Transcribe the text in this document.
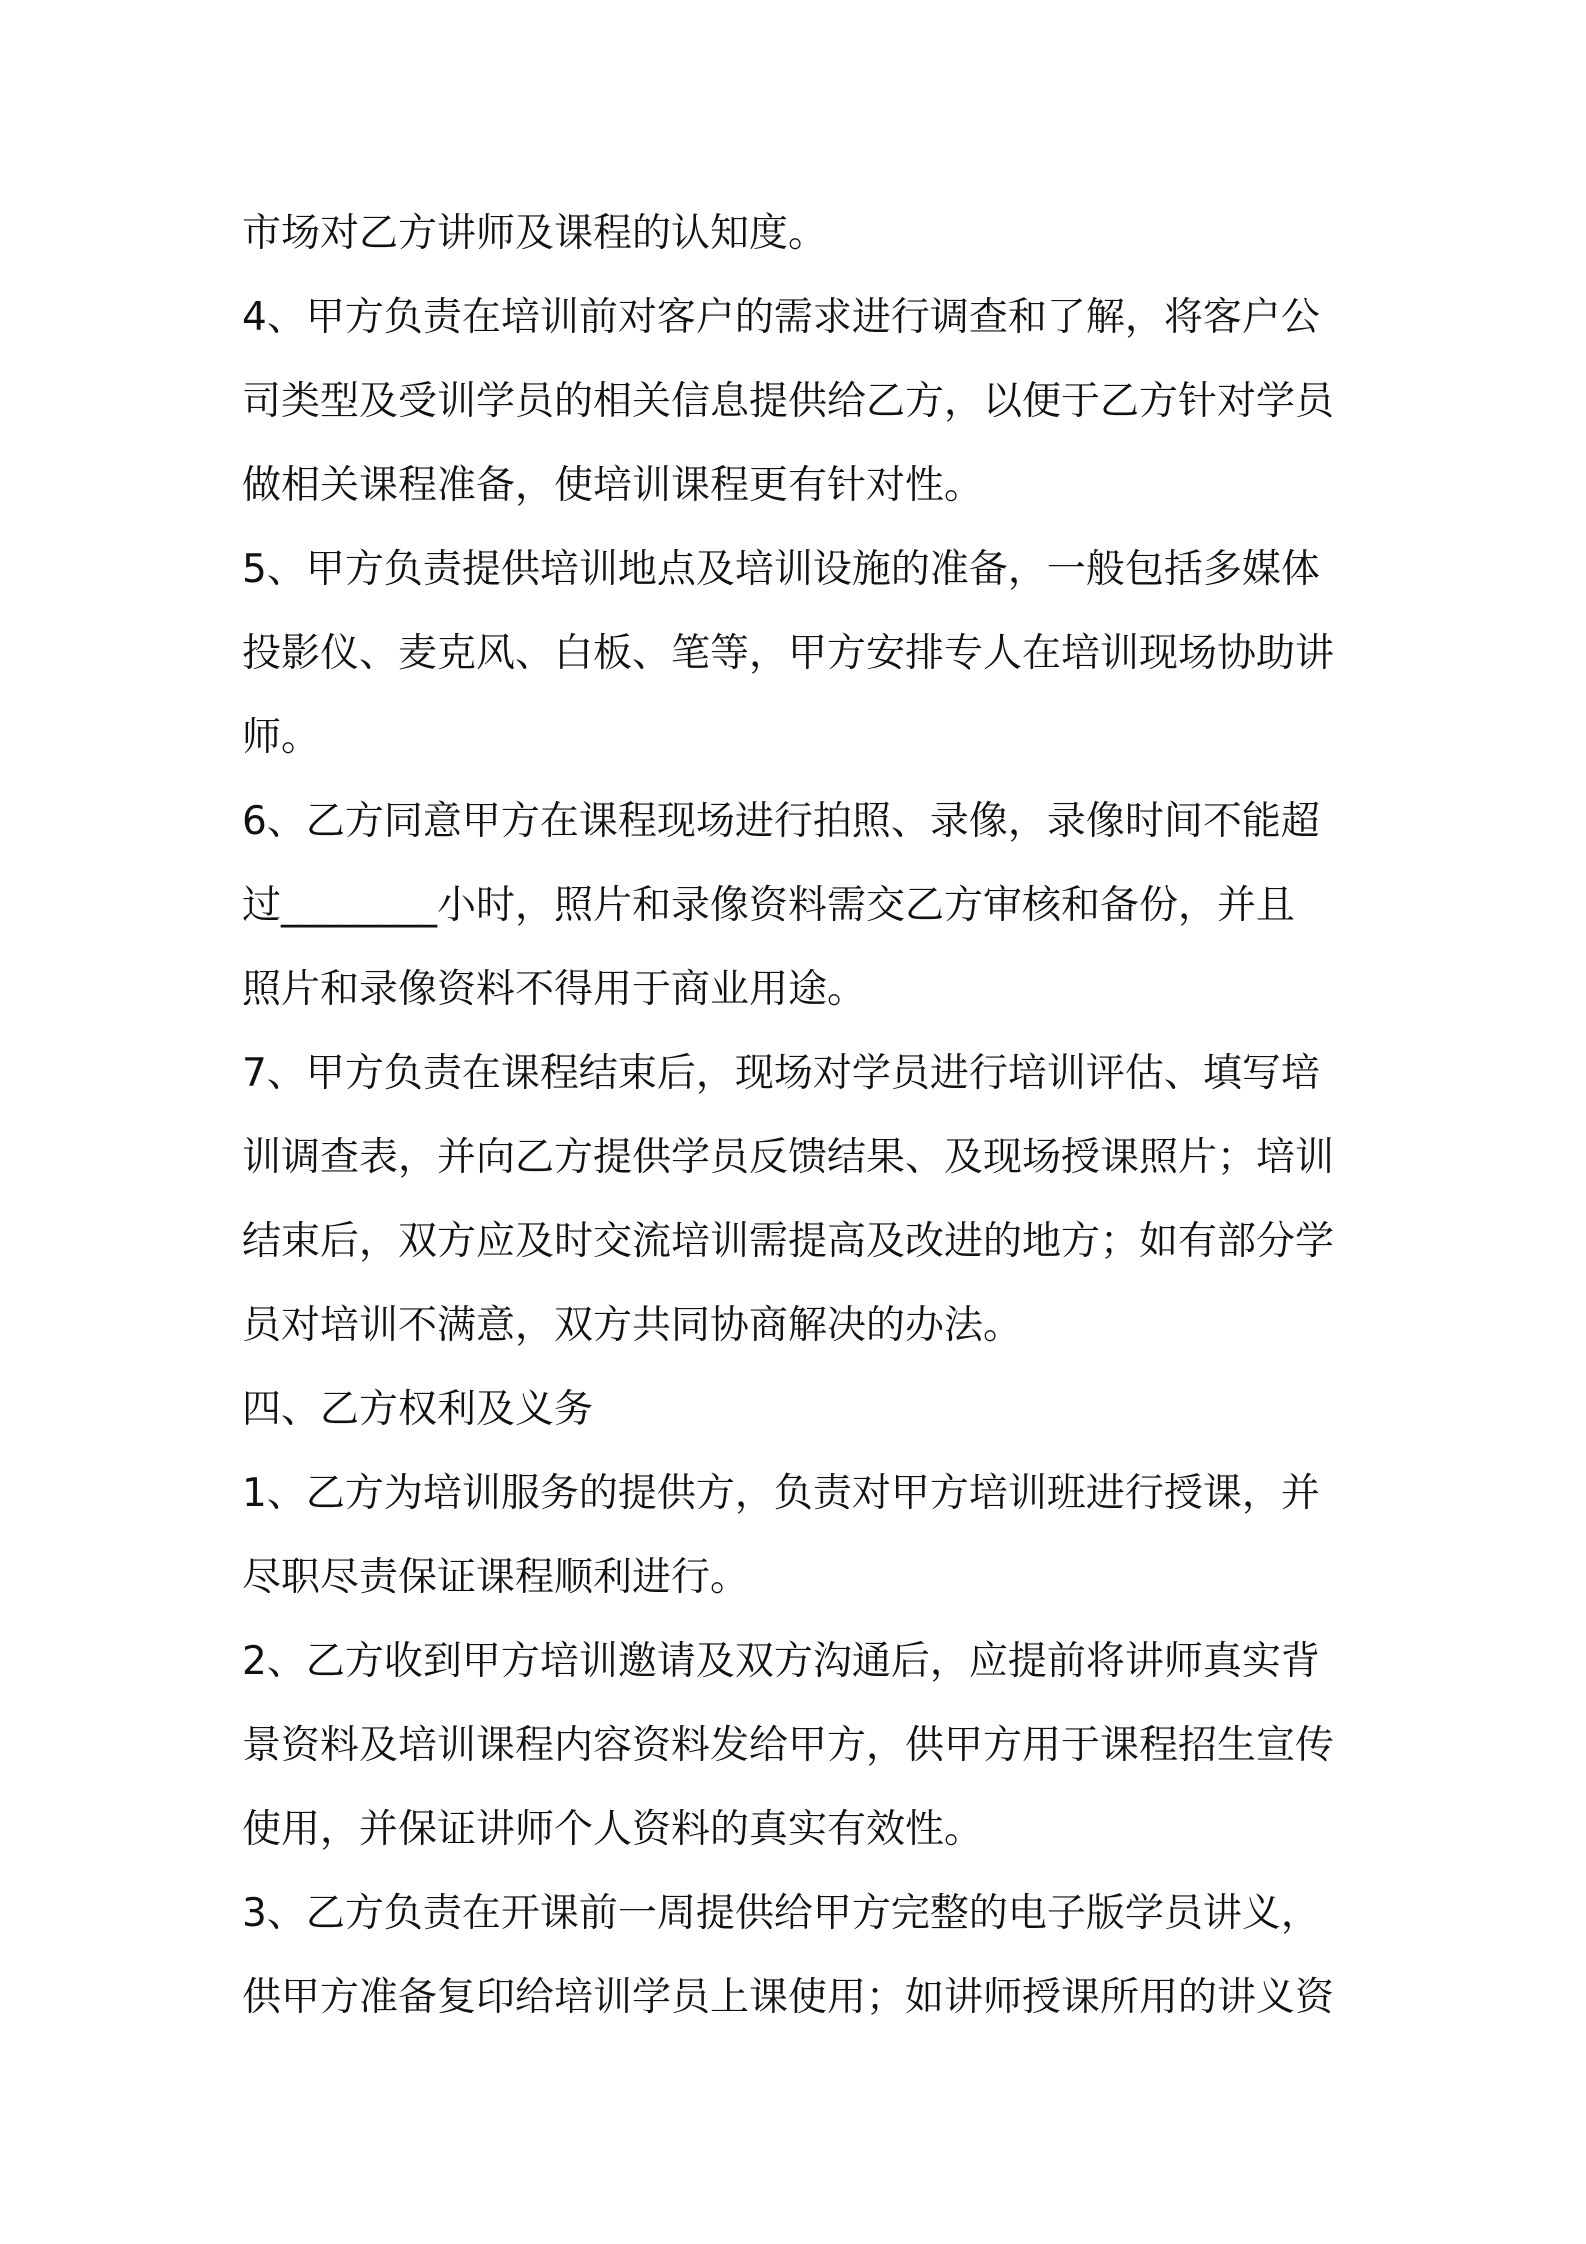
市场对乙方讲师及课程的认知度。

4、甲方负责在培训前对客户的需求进行调查和了解，将客户公

司类型及受训学员的相关信息提供给乙方，以便于乙方针对学员

做相关课程准备，使培训课程更有针对性。

5、甲方负责提供培训地点及培训设施的准备，一般包括多媒体

投影仪、麦克风、白板、笔等，甲方安排专人在培训现场协助讲

师。

6、乙方同意甲方在课程现场进行拍照、录像，录像时间不能超

过________小时，照片和录像资料需交乙方审核和备份，并且

照片和录像资料不得用于商业用途。

7、甲方负责在课程结束后，现场对学员进行培训评估、填写培

训调查表，并向乙方提供学员反馈结果、及现场授课照片；培训

结束后，双方应及时交流培训需提高及改进的地方；如有部分学

员对培训不满意，双方共同协商解决的办法。

四、乙方权利及义务

1、乙方为培训服务的提供方，负责对甲方培训班进行授课，并

尽职尽责保证课程顺利进行。

2、乙方收到甲方培训邀请及双方沟通后，应提前将讲师真实背

景资料及培训课程内容资料发给甲方，供甲方用于课程招生宣传

使用，并保证讲师个人资料的真实有效性。

3、乙方负责在开课前一周提供给甲方完整的电子版学员讲义，

供甲方准备复印给培训学员上课使用；如讲师授课所用的讲义资
